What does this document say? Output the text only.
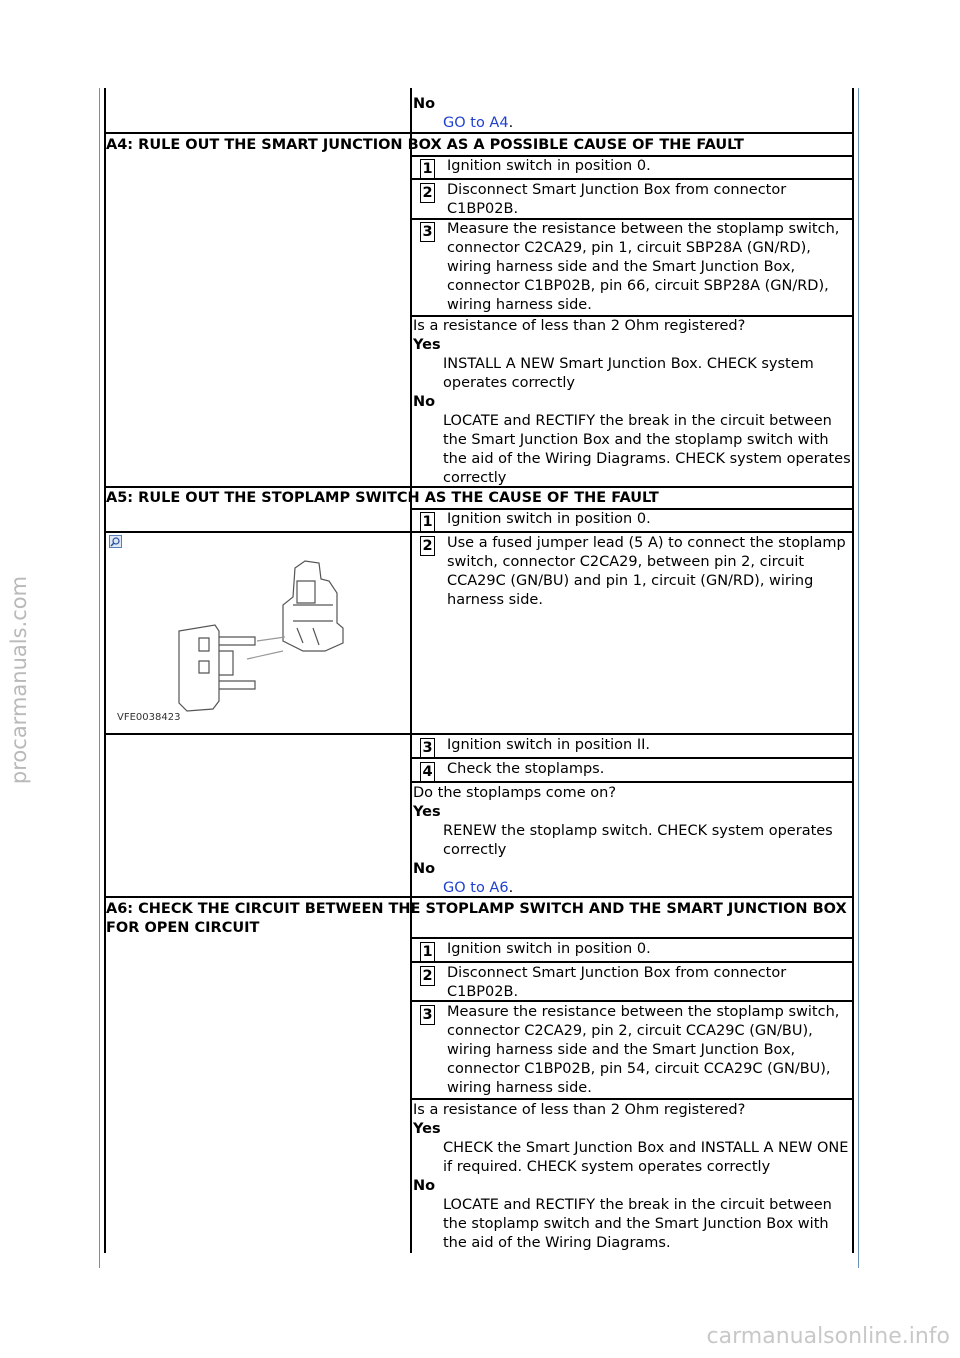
procarmanuals.com
carmanualsonline.info
No
GO to A4.
A4: RULE OUT THE SMART JUNCTION BOX AS A POSSIBLE CAUSE OF THE FAULT
1 Ignition switch in position 0.
2 Disconnect Smart Junction Box from connector C1BP02B.
3 Measure the resistance between the stoplamp switch, connector C2CA29, pin 1, circuit SBP28A (GN/RD), wiring harness side and the Smart Junction Box, connector C1BP02B, pin 66, circuit SBP28A (GN/RD), wiring harness side.
Is a resistance of less than 2 Ohm registered?
Yes
INSTALL A NEW Smart Junction Box. CHECK system operates correctly
No
LOCATE and RECTIFY the break in the circuit between the Smart Junction Box and the stoplamp switch with the aid of the Wiring Diagrams. CHECK system operates correctly
A5: RULE OUT THE STOPLAMP SWITCH AS THE CAUSE OF THE FAULT
1 Ignition switch in position 0.
2 Use a fused jumper lead (5 A) to connect the stoplamp switch, connector C2CA29, between pin 2, circuit CCA29C (GN/BU) and pin 1, circuit (GN/RD), wiring harness side.
VFE0038423
3 Ignition switch in position II.
4 Check the stoplamps.
Do the stoplamps come on?
Yes
RENEW the stoplamp switch. CHECK system operates correctly
No
GO to A6.
A6: CHECK THE CIRCUIT BETWEEN THE STOPLAMP SWITCH AND THE SMART JUNCTION BOX FOR OPEN CIRCUIT
1 Ignition switch in position 0.
2 Disconnect Smart Junction Box from connector C1BP02B.
3 Measure the resistance between the stoplamp switch, connector C2CA29, pin 2, circuit CCA29C (GN/BU), wiring harness side and the Smart Junction Box, connector C1BP02B, pin 54, circuit CCA29C (GN/BU), wiring harness side.
Is a resistance of less than 2 Ohm registered?
Yes
CHECK the Smart Junction Box and INSTALL A NEW ONE if required. CHECK system operates correctly
No
LOCATE and RECTIFY the break in the circuit between the stoplamp switch and the Smart Junction Box with the aid of the Wiring Diagrams.
